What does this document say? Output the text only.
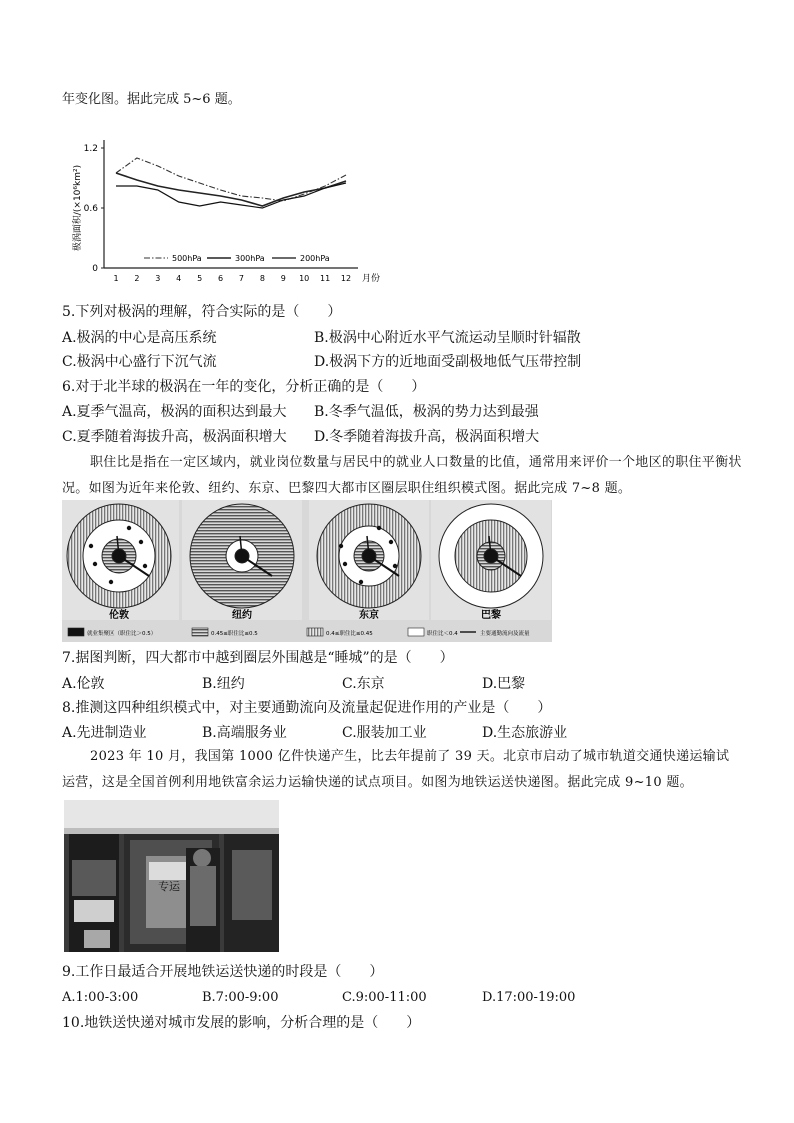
年变化图。据此完成 5~6 题。
极涡面积/(×10⁶km²)
月份
0
0.6
1.2
1 2 3 4 5 6 7 8 9 10 11 12
500hPa	300hPa	200hPa
5.下列对极涡的理解，符合实际的是（　　）
A.极涡的中心是高压系统	B.极涡中心附近水平气流运动呈顺时针辐散
C.极涡中心盛行下沉气流	D.极涡下方的近地面受副极地低气压带控制
6.对于北半球的极涡在一年的变化，分析正确的是（　　）
A.夏季气温高，极涡的面积达到最大 B.冬季气温低，极涡的势力达到最强
C.夏季随着海拔升高，极涡面积增大 D.冬季随着海拔升高，极涡面积增大
职住比是指在一定区域内，就业岗位数量与居民中的就业人口数量的比值，通常用来评价一个地区的职住平衡状况。如图为近年来伦敦、纽约、东京、巴黎四大都市区圈层职住组织模式图。据此完成 7~8 题。
伦敦	纽约	东京	巴黎
就业集聚区（职住比＞0.5）	0.45≤职住比≤0.5	0.4≤职住比≤0.45	职住比＜0.4	主要通勤流向及流量
7.据图判断，四大都市中越到圈层外围越是“睡城”的是（　　）
A.伦敦	B.纽约	C.东京	D.巴黎
8.推测这四种组织模式中，对主要通勤流向及流量起促进作用的产业是（　　）
A.先进制造业	B.高端服务业	C.服装加工业	D.生态旅游业
2023 年 10 月，我国第 1000 亿件快递产生，比去年提前了 39 天。北京市启动了城市轨道交通快递运输试运营，这是全国首例利用地铁富余运力运输快递的试点项目。如图为地铁运送快递图。据此完成 9~10 题。
专运
9.工作日最适合开展地铁运送快递的时段是（　　）
A.1:00-3:00	B.7:00-9:00	C.9:00-11:00	D.17:00-19:00
10.地铁送快递对城市发展的影响，分析合理的是（　　）
